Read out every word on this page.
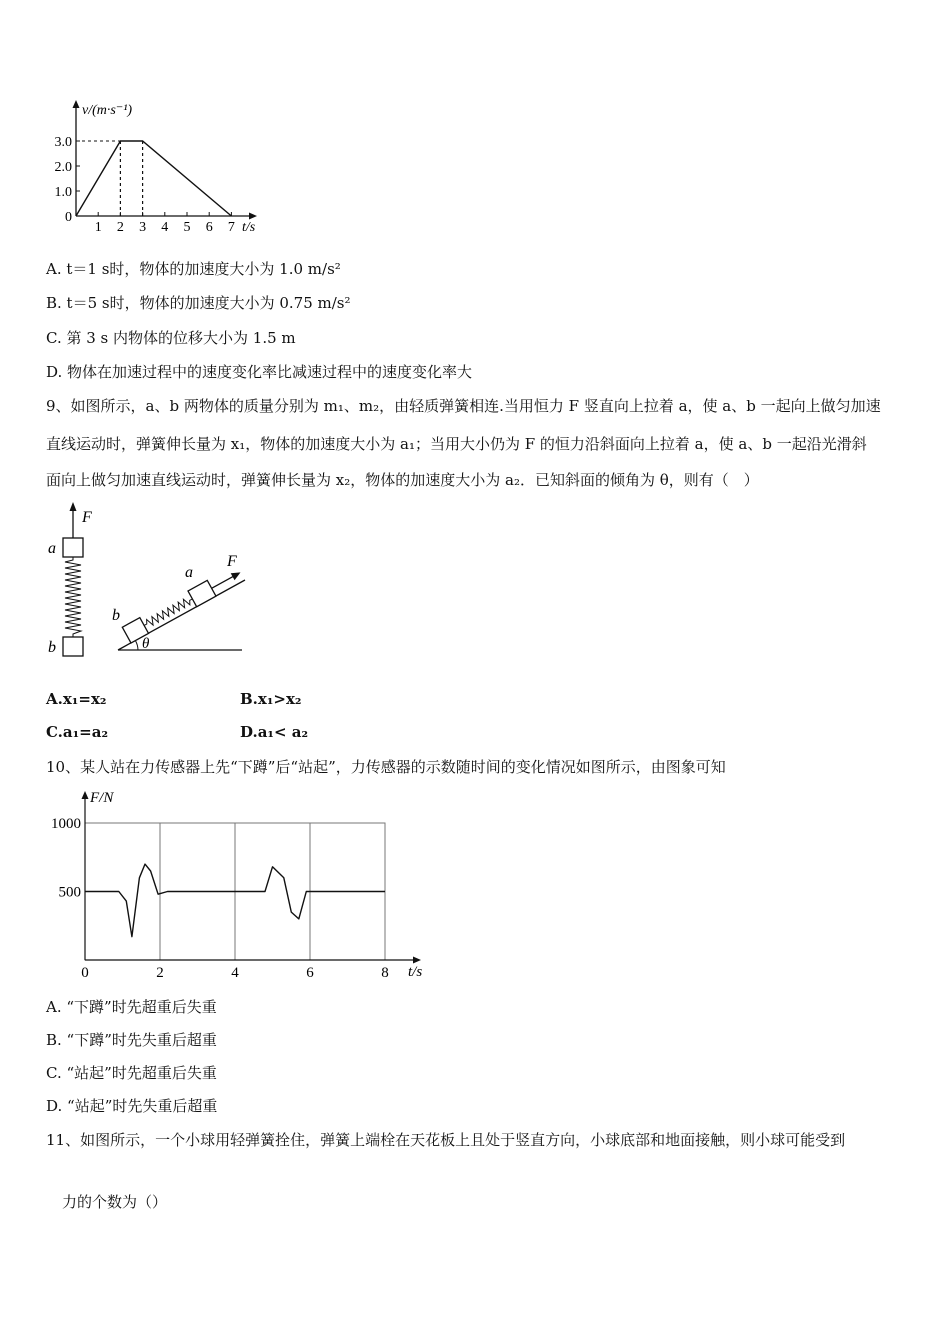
v/(m·s⁻¹)
t/s
1 2 3 4 5 6 7
0
1.0
2.0
3.0
A. t＝1 s时，物体的加速度大小为 1.0 m/s²
B. t＝5 s时，物体的加速度大小为 0.75 m/s²
C. 第 3 s 内物体的位移大小为 1.5 m
D. 物体在加速过程中的速度变化率比减速过程中的速度变化率大
9、如图所示，a、b 两物体的质量分别为 m₁、m₂，由轻质弹簧相连.当用恒力 F 竖直向上拉着 a，使 a、b 一起向上做匀加速
直线运动时，弹簧伸长量为 x₁，物体的加速度大小为 a₁；当用大小仍为 F 的恒力沿斜面向上拉着 a，使 a、b 一起沿光滑斜
面向上做匀加速直线运动时，弹簧伸长量为 x₂，物体的加速度大小为 a₂．已知斜面的倾角为 θ，则有（　）
F
a
b	θ
b
a
F
A.x₁=x₂	B.x₁>x₂
C.a₁=a₂	D.a₁< a₂
10、某人站在力传感器上先“下蹲”后“站起”，力传感器的示数随时间的变化情况如图所示，由图象可知
F/N
t/s
0	2	4	6	8
1000
500
A. “下蹲”时先超重后失重
B. “下蹲”时先失重后超重
C. “站起”时先超重后失重
D. “站起”时先失重后超重
11、如图所示，一个小球用轻弹簧拴住，弹簧上端栓在天花板上且处于竖直方向，小球底部和地面接触，则小球可能受到
力的个数为（）
